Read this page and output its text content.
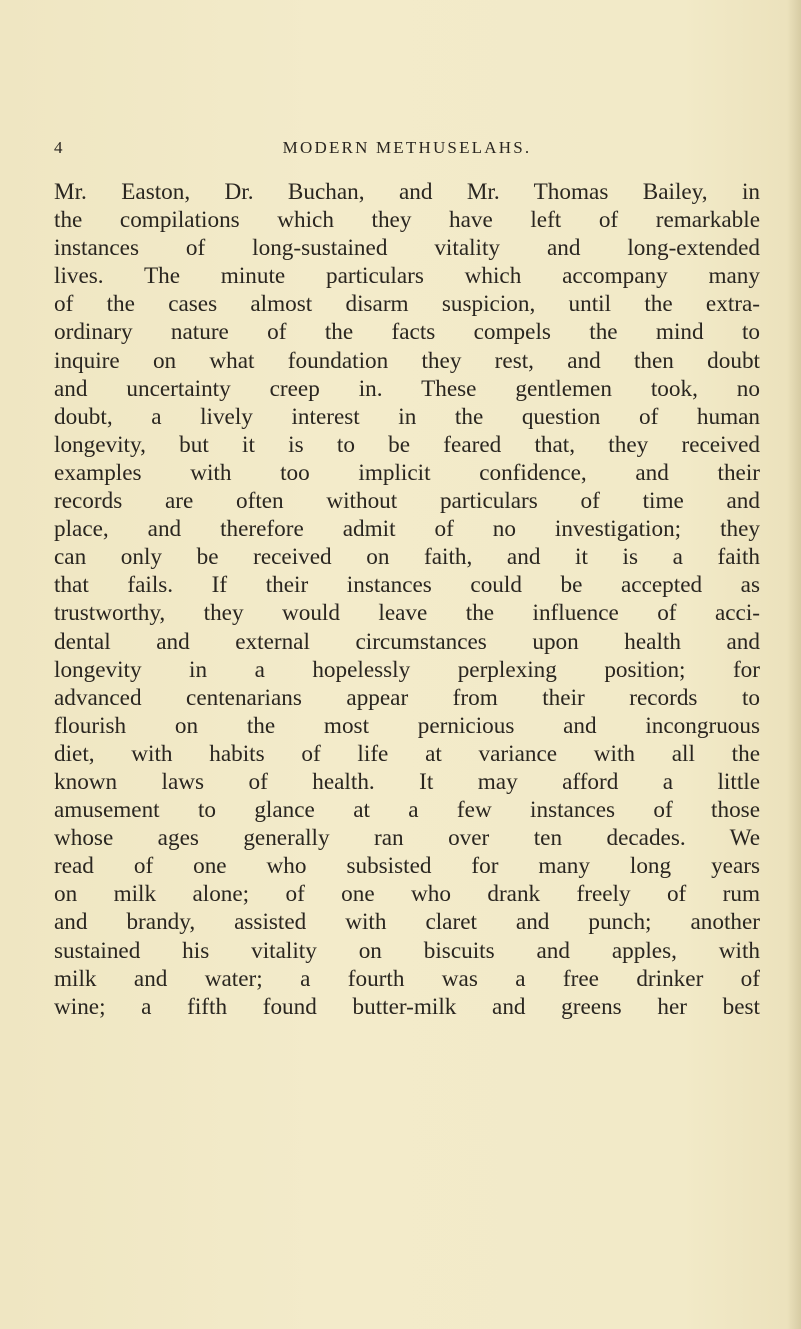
4	MODERN METHUSELAHS.
Mr. Easton, Dr. Buchan, and Mr. Thomas Bailey, in
the compilations which they have left of remarkable
instances of long-sustained vitality and long-extended
lives. The minute particulars which accompany many
of the cases almost disarm suspicion, until the extra-
ordinary nature of the facts compels the mind to
inquire on what foundation they rest, and then doubt
and uncertainty creep in. These gentlemen took, no
doubt, a lively interest in the question of human
longevity, but it is to be feared that, they received
examples with too implicit confidence, and their
records are often without particulars of time and
place, and therefore admit of no investigation; they
can only be received on faith, and it is a faith
that fails. If their instances could be accepted as
trustworthy, they would leave the influence of acci-
dental and external circumstances upon health and
longevity in a hopelessly perplexing position; for
advanced centenarians appear from their records to
flourish on the most pernicious and incongruous
diet, with habits of life at variance with all the
known laws of health. It may afford a little
amusement to glance at a few instances of those
whose ages generally ran over ten decades. We
read of one who subsisted for many long years
on milk alone; of one who drank freely of rum
and brandy, assisted with claret and punch; another
sustained his vitality on biscuits and apples, with
milk and water; a fourth was a free drinker of
wine; a fifth found butter-milk and greens her best
